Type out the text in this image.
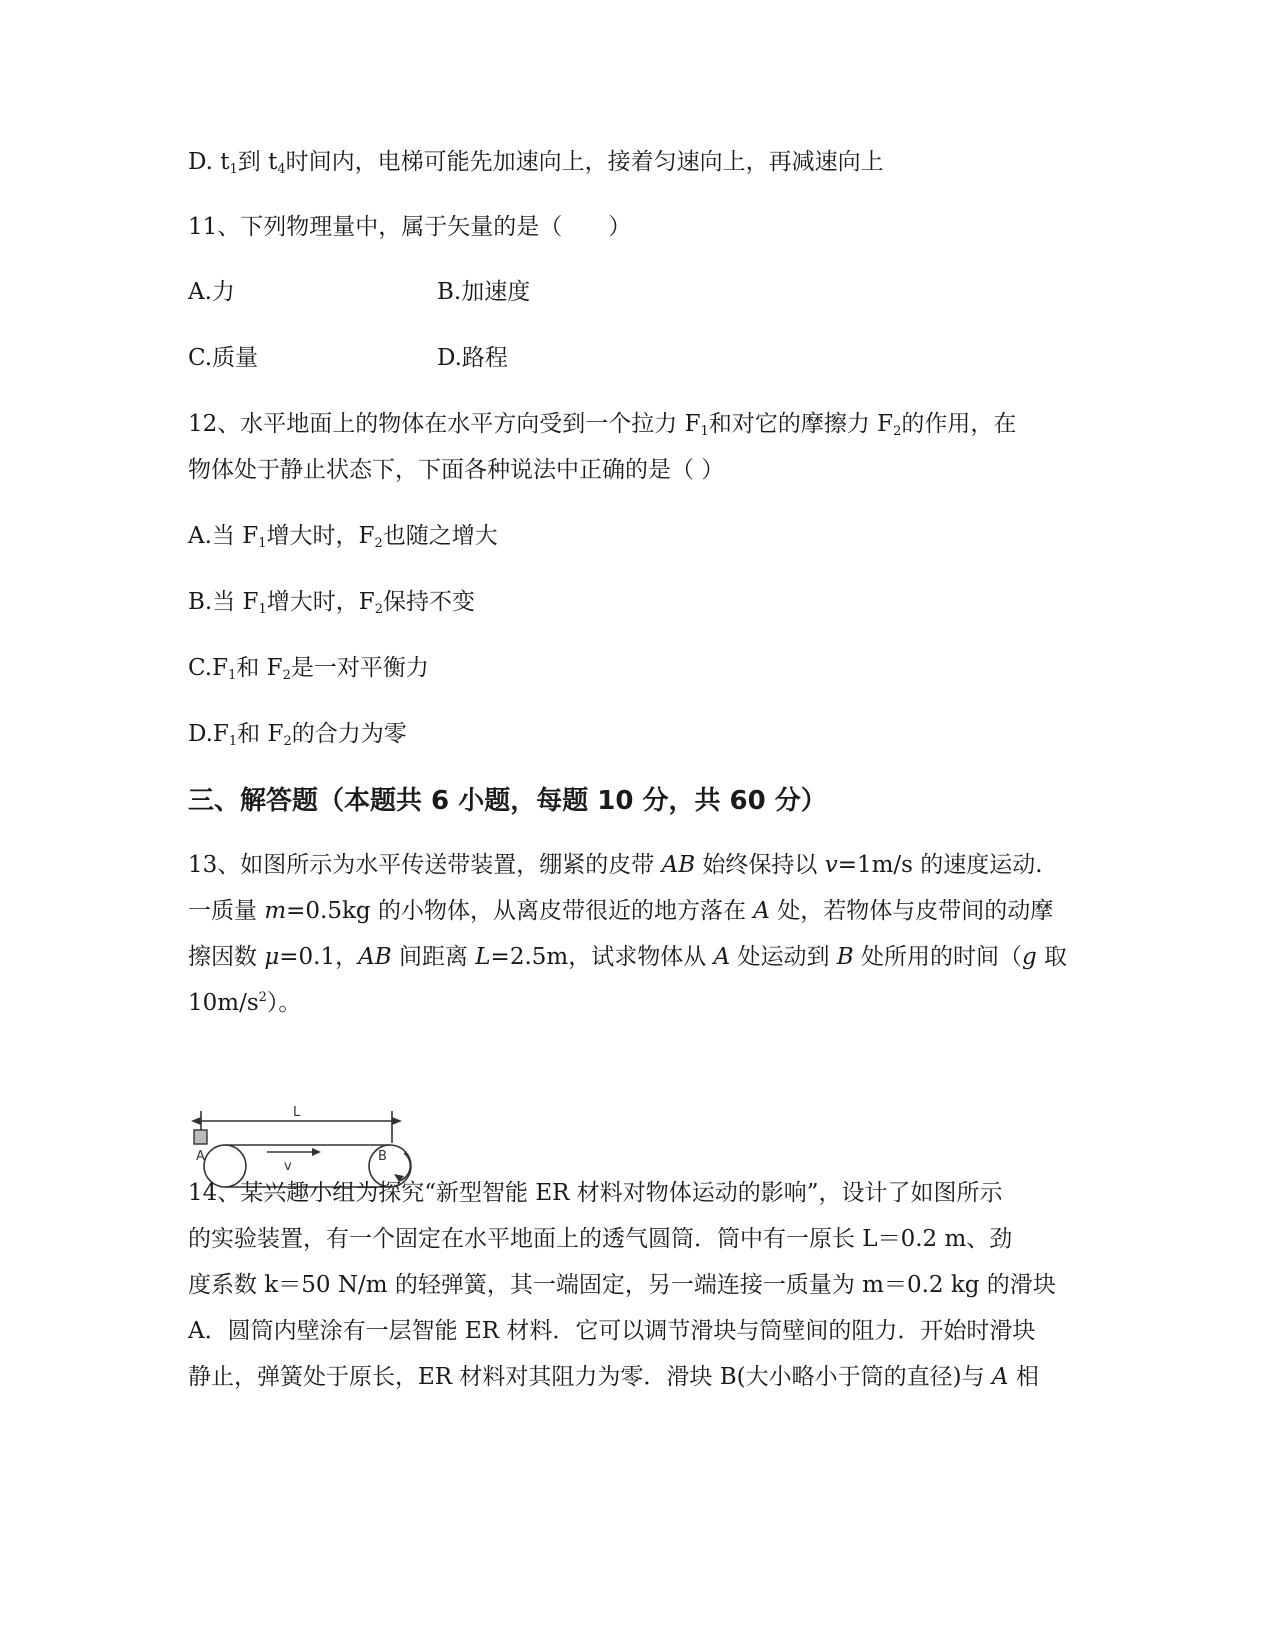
D. $t_1$到 $t_4$时间内，电梯可能先加速向上，接着匀速向上，再减速向上
11、下列物理量中，属于矢量的是（　　）
A.力	B.加速度
C.质量	D.路程
12、水平地面上的物体在水平方向受到一个拉力 $F_1$和对它的摩擦力 $F_2$的作用，在
物体处于静止状态下，下面各种说法中正确的是（ ）
A.当 $F_1$增大时，$F_2$也随之增大
B.当 $F_1$增大时，$F_2$保持不变
$C.F_1$和 $F_2$是一对平衡力
$D.F_1$和 $F_2$的合力为零
三、解答题（本题共 6 小题，每题 10 分，共 60 分）
13、如图所示为水平传送带装置，绷紧的皮带 AB 始终保持以 v=1m/s 的速度运动.
一质量 m=0.5kg 的小物体，从离皮带很近的地方落在 A 处，若物体与皮带间的动摩
擦因数 μ=0.1，AB 间距离 L=2.5m，试求物体从 A 处运动到 B 处所用的时间（g 取
$10m/s^2$）。
L
A	B
v
14、某兴趣小组为探究“新型智能 ER 材料对物体运动的影响”，设计了如图所示
的实验装置，有一个固定在水平地面上的透气圆筒．筒中有一原长 L＝0.2 m、劲
度系数 k＝50 N/m 的轻弹簧，其一端固定，另一端连接一质量为 m＝0.2 kg 的滑块
A．圆筒内壁涂有一层智能 ER 材料．它可以调节滑块与筒壁间的阻力．开始时滑块
静止，弹簧处于原长，ER 材料对其阻力为零．滑块 B(大小略小于筒的直径)与 A 相
